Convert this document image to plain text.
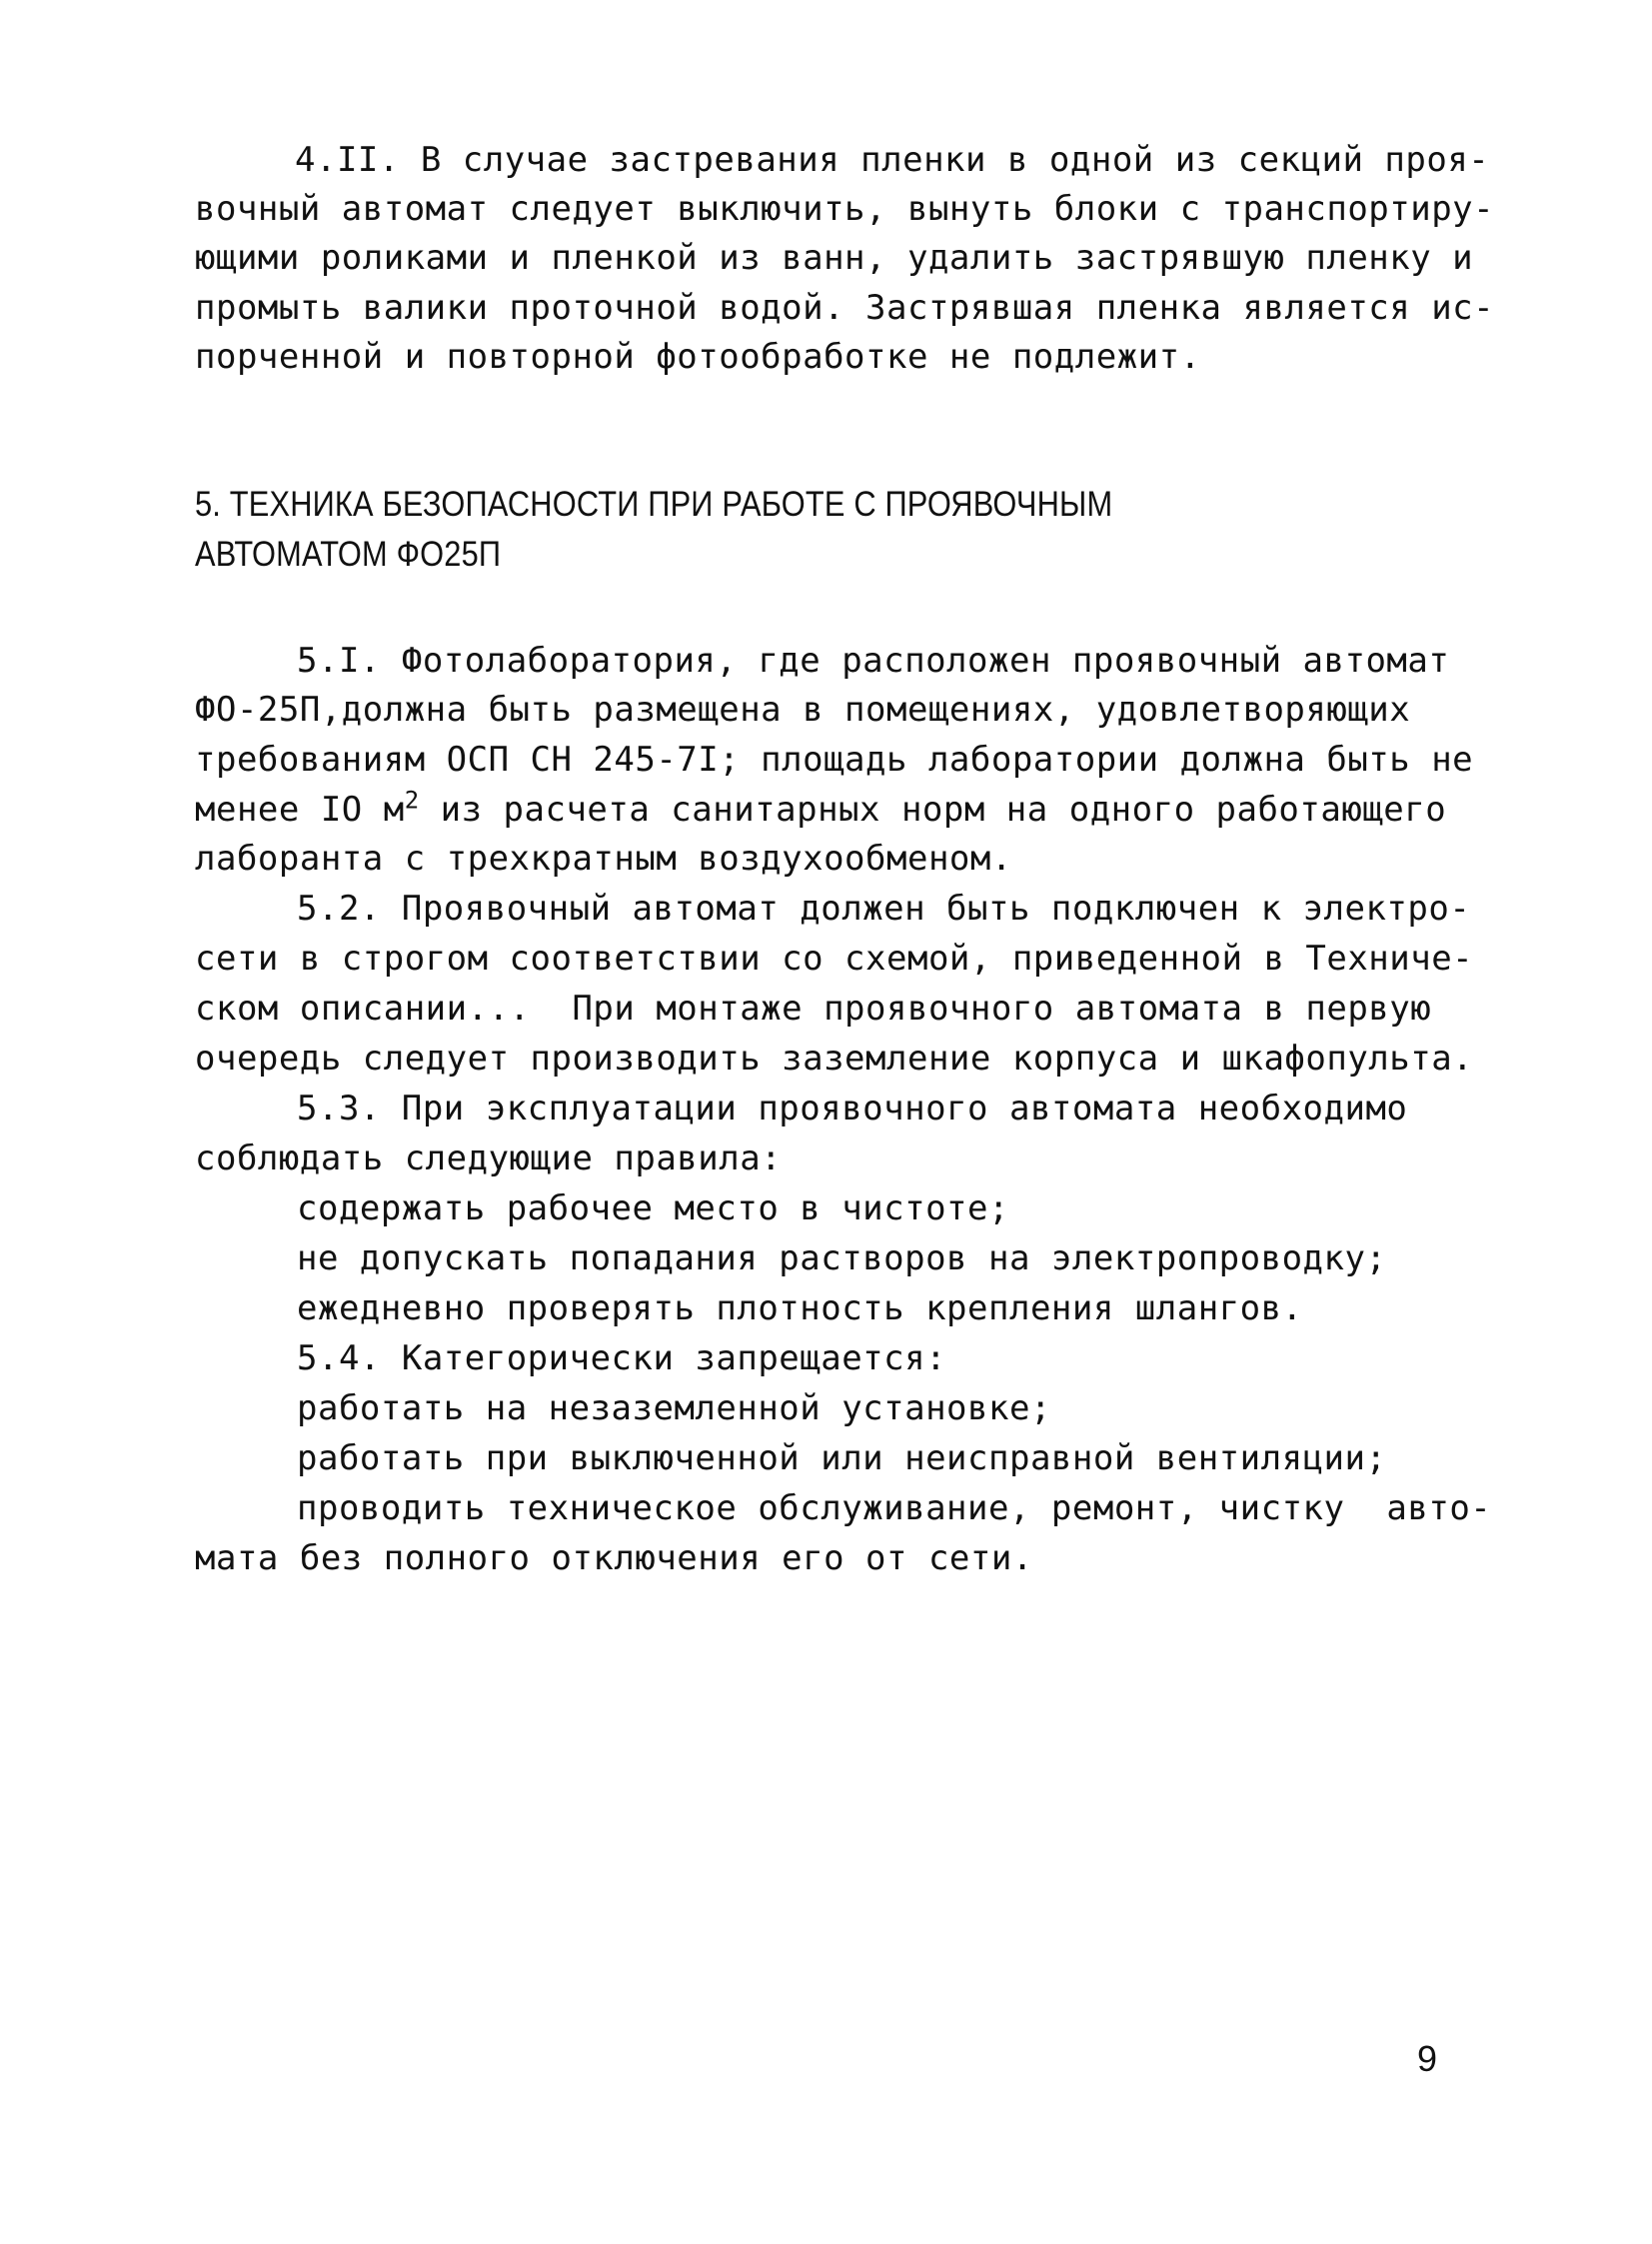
4.II. В случае застревания пленки в одной из секций проя-
вочный автомат следует выключить, вынуть блоки с транспортиру-
ющими роликами и пленкой из ванн, удалить застрявшую пленку и
промыть валики проточной водой. Застрявшая пленка является ис-
порченной и повторной фотообработке не подлежит.
5. ТЕХНИКА БЕЗОПАСНОСТИ ПРИ РАБОТЕ С ПРОЯВОЧНЫМ
АВТОМАТОМ ФО25П
5.I. Фотолаборатория, где расположен проявочный автомат
ФО-25П,должна быть размещена в помещениях, удовлетворяющих
требованиям ОСП СН 245-7I; площадь лаборатории должна быть не
менее IO $м^2$ из расчета санитарных норм на одного работающего
лаборанта с трехкратным воздухообменом.
5.2. Проявочный автомат должен быть подключен к электро-
сети в строгом соответствии со схемой, приведенной в Техниче-
ском описании...  При монтаже проявочного автомата в первую
очередь следует производить заземление корпуса и шкафопульта.
5.3. При эксплуатации проявочного автомата необходимо
соблюдать следующие правила:
содержать рабочее место в чистоте;
не допускать попадания растворов на электропроводку;
ежедневно проверять плотность крепления шлангов.
5.4. Категорически запрещается:
работать на незаземленной установке;
работать при выключенной или неисправной вентиляции;
проводить техническое обслуживание, ремонт, чистку  авто-
мата без полного отключения его от сети.
9
